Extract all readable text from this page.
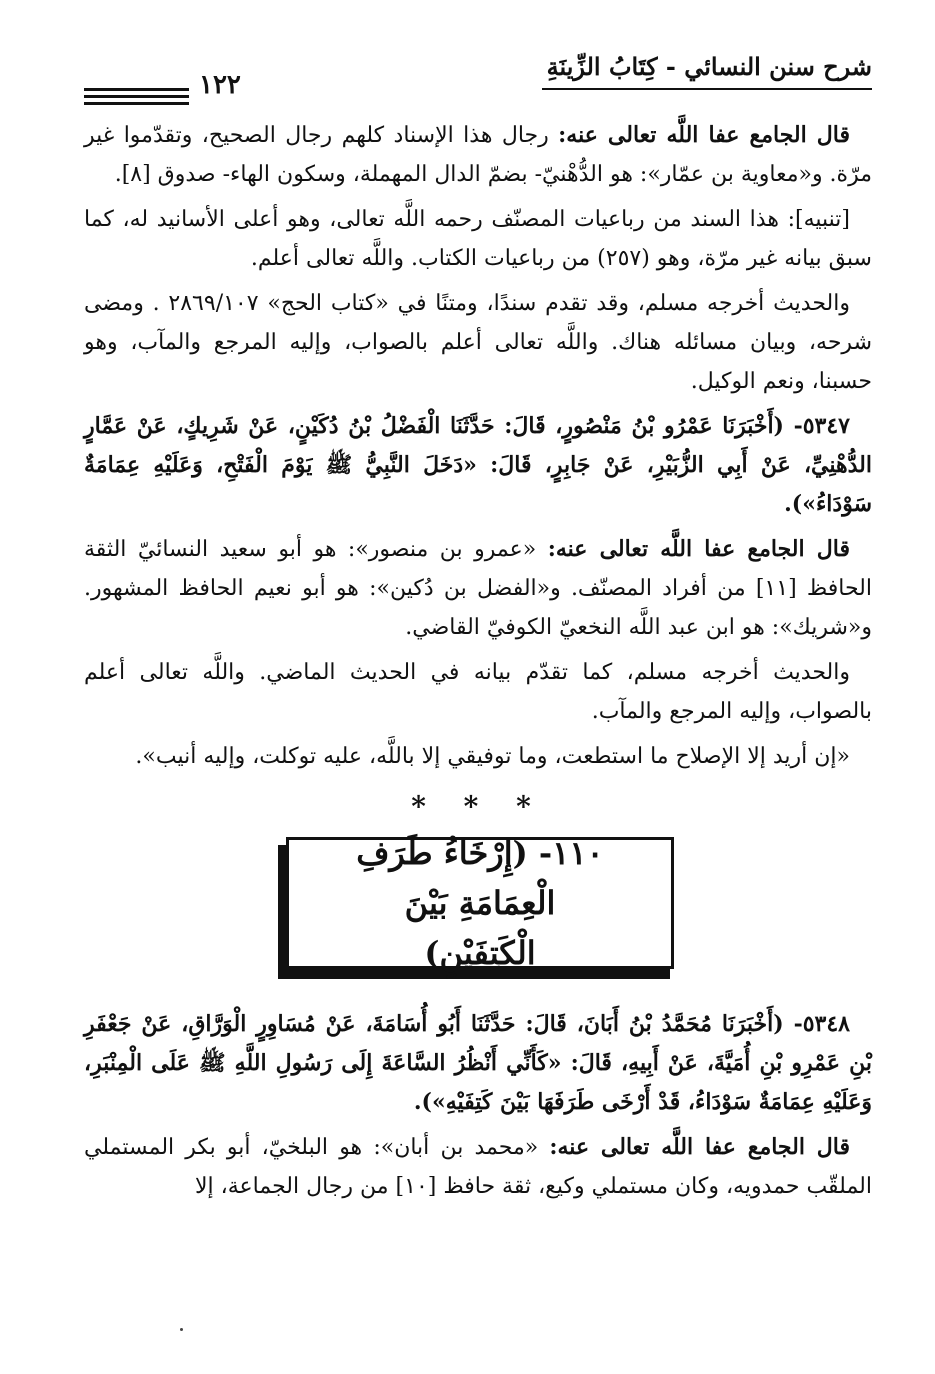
شرح سنن النسائي - كِتَابُ الزِّينَةِ
١٢٢

قال الجامع عفا اللَّه تعالى عنه: رجال هذا الإسناد كلهم رجال الصحيح، وتقدّموا غير مرّة. و«معاوية بن عمّار»: هو الدُّهْنيّ- بضمّ الدال المهملة، وسكون الهاء- صدوق [٨].

[تنبيه]: هذا السند من رباعيات المصنّف رحمه اللَّه تعالى، وهو أعلى الأسانيد له، كما سبق بيانه غير مرّة، وهو (٢٥٧) من رباعيات الكتاب. واللَّه تعالى أعلم.

والحديث أخرجه مسلم، وقد تقدم سندًا، ومتنًا في «كتاب الحج» ٢٨٦٩/١٠٧ . ومضى شرحه، وبيان مسائله هناك. واللَّه تعالى أعلم بالصواب، وإليه المرجع والمآب، وهو حسبنا، ونعم الوكيل.

٥٣٤٧- (أَخْبَرَنَا عَمْرُو بْنُ مَنْصُورٍ، قَالَ: حَدَّثَنَا الْفَضْلُ بْنُ دُكَيْنٍ، عَنْ شَرِيكٍ، عَنْ عَمَّارٍ الدُّهْنِيِّ، عَنْ أَبِي الزُّبَيْرِ، عَنْ جَابِرٍ، قَالَ: «دَخَلَ النَّبِيُّ ﷺ يَوْمَ الْفَتْحِ، وَعَلَيْهِ عِمَامَةٌ سَوْدَاءُ»).

قال الجامع عفا اللَّه تعالى عنه: «عمرو بن منصور»: هو أبو سعيد النسائيّ الثقة الحافظ [١١] من أفراد المصنّف. و«الفضل بن دُكين»: هو أبو نعيم الحافظ المشهور. و«شريك»: هو ابن عبد اللَّه النخعيّ الكوفيّ القاضي.

والحديث أخرجه مسلم، كما تقدّم بيانه في الحديث الماضي. واللَّه تعالى أعلم بالصواب، وإليه المرجع والمآب.

«إن أريد إلا الإصلاح ما استطعت، وما توفيقي إلا باللَّه، عليه توكلت، وإليه أنيب».

* * *
١١٠- (إِرْخَاءُ طَرَفِ الْعِمَامَةِ بَيْنَ
الْكَتِفَيْنِ)

٥٣٤٨- (أَخْبَرَنَا مُحَمَّدُ بْنُ أَبَانَ، قَالَ: حَدَّثَنَا أَبُو أُسَامَةَ، عَنْ مُسَاوِرٍ الْوَرَّاقِ، عَنْ جَعْفَرِ بْنِ عَمْرِو بْنِ أُمَيَّةَ، عَنْ أَبِيهِ، قَالَ: «كَأَنِّي أَنْظُرُ السَّاعَةَ إِلَى رَسُولِ اللَّهِ ﷺ عَلَى الْمِنْبَرِ، وَعَلَيْهِ عِمَامَةٌ سَوْدَاءُ، قَدْ أَرْخَى طَرَفَهَا بَيْنَ كَتِفَيْهِ»).

قال الجامع عفا اللَّه تعالى عنه: «محمد بن أبان»: هو البلخيّ، أبو بكر المستملي الملقّب حمدويه، وكان مستملي وكيع، ثقة حافظ [١٠] من رجال الجماعة، إلا
